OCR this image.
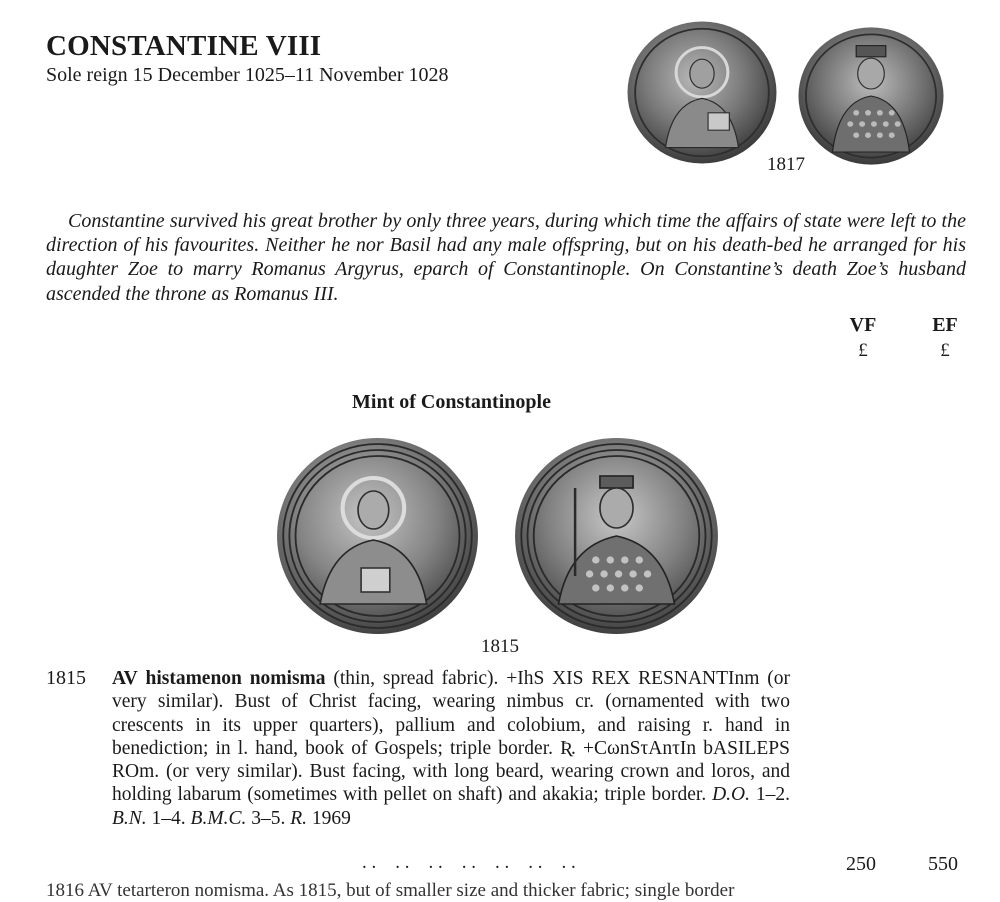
CONSTANTINE VIII
Sole reign 15 December 1025–11 November 1028
1817
Constantine survived his great brother by only three years, during which time the affairs of state were left to the direction of his favourites. Neither he nor Basil had any male offspring, but on his death-bed he arranged for his daughter Zoe to marry Romanus Argyrus, eparch of Constantinople. On Constantine’s death Zoe’s husband ascended the throne as Romanus III.
VF	EF
£	£
Mint of Constantinople
1815
1815 AV histamenon nomisma (thin, spread fabric). +IhS XIS REX RESNANTInm (or very similar). Bust of Christ facing, wearing nimbus cr. (ornamented with two crescents in its upper quarters), pallium and colobium, and raising r. hand in benediction; in l. hand, book of Gospels; triple border. Ʀ. +CωnSτAnτIn bASILEPS ROm. (or very similar). Bust facing, with long beard, wearing crown and loros, and holding labarum (sometimes with pellet on shaft) and akakia; triple border. D.O. 1–2. B.N. 1–4. B.M.C. 3–5. R. 1969
. .    . .    . .    . .    . .    . .    . .	250	550
1816 AV tetarteron nomisma. As 1815, but of smaller size and thicker fabric; single border
